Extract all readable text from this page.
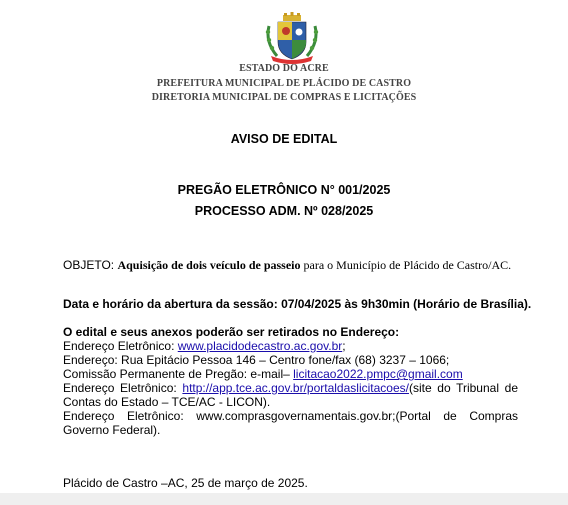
ESTADO DO ACRE
PREFEITURA MUNICIPAL DE PLÁCIDO DE CASTRO
DIRETORIA MUNICIPAL DE COMPRAS E LICITAÇÕES
AVISO DE EDITAL
PREGÃO ELETRÔNICO N° 001/2025
PROCESSO ADM. Nº 028/2025
OBJETO: Aquisição de dois veículo de passeio para o Município de Plácido de Castro/AC.
Data e horário da abertura da sessão: 07/04/2025 às 9h30min (Horário de Brasília).
O edital e seus anexos poderão ser retirados no Endereço:
Endereço Eletrônico: www.placidodecastro.ac.gov.br;
Endereço: Rua Epitácio Pessoa 146 – Centro fone/fax (68) 3237 – 1066;
Comissão Permanente de Pregão: e-mail– licitacao2022.pmpc@gmail.com
Endereço Eletrônico: http://app.tce.ac.gov.br/portaldaslicitacoes/(site do Tribunal de
Contas do Estado – TCE/AC - LICON).
Endereço Eletrônico: www.comprasgovernamentais.gov.br;(Portal de Compras
Governo Federal).
Plácido de Castro –AC, 25 de março de 2025.
